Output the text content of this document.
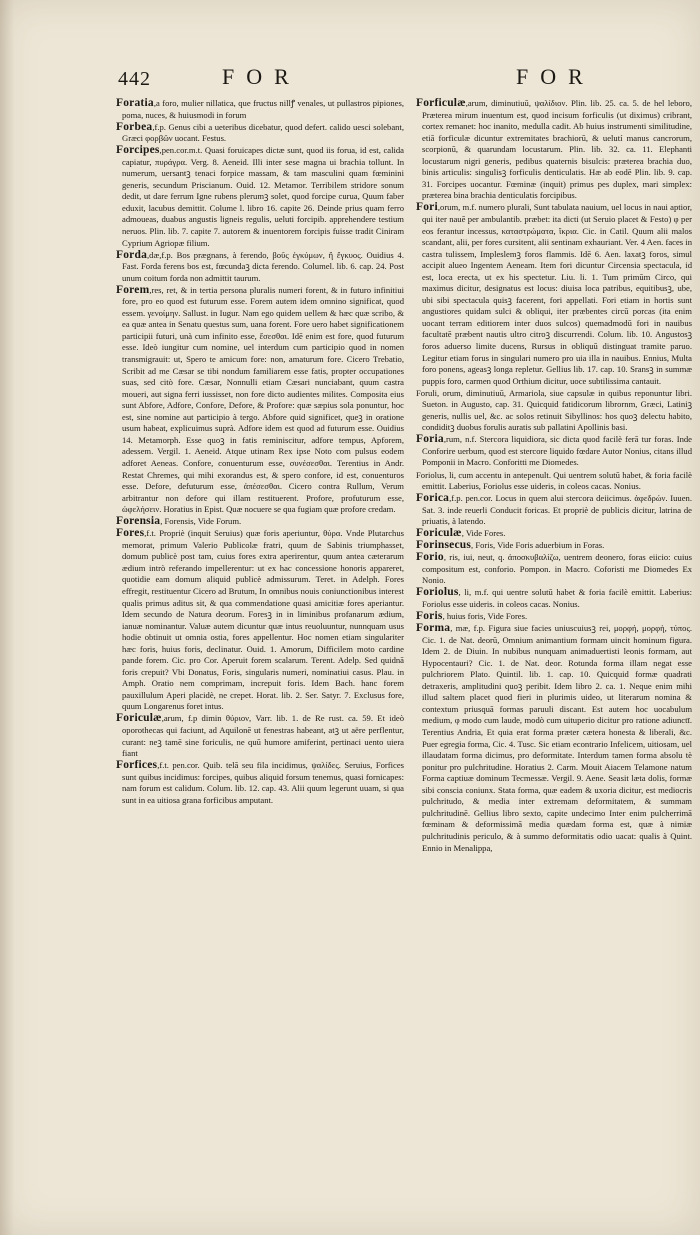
442	FOR	FOR

Foratia,a foro, mulier nillatica, que fructus nillꝭ venales, ut pullastros pipiones, poma, nuces, & huiusmodi in forum

Forbea,f.p. Genus cibi a ueteribus dicebatur, quod defert. calido uesci solebant, Græci φορβῶν uocant. Festus.

Forcipes,pen.cor.m.t. Quasi foruicapes dictæ sunt, quod iis forua, id est, calida capiatur, πυράγρα. Verg. 8. Aeneid. Illi inter sese magna ui brachia tollunt. In numerum, uersantꝫ tenaci forpice massam, & tam masculini quam fœminini generis, secundum Priscianum. Ouid. 12. Metamor. Terribilem stridore sonum dedit, ut dare ferrum Igne rubens plerumꝫ solet, quod forcipe curua, Quum faber eduxit, lacubus demittit. Colume l. libro 16. capite 26. Deinde prius quam ferro admoueas, duabus angustis ligneis regulis, ueluti forcipib. apprehendere testium neruos. Plin. lib. 7. capite 7. autorem & inuentorem forcipis fuisse tradit Ciniram Cyprium Agriopæ filium.

Forda,dæ,f.p. Bos prægnans, à ferendo, βοῦς ἐγκύμων, ἢ ἔγκυος. Ouidius 4. Fast. Forda ferens bos est, fœcundaꝫ dicta ferendo. Columel. lib. 6. cap. 24. Post unum coitum forda non admittit taurum.

Forem,res, ret, & in tertia persona pluralis numeri forent, & in futuro infinitiui fore, pro eo quod est futurum esse. Forem autem idem omnino significat, quod essem. γενοίμην. Sallust. in Iugur. Nam ego quidem uellem & hæc quæ scribo, & ea quæ antea in Senatu questus sum, uana forent. Fore uero habet significationem participii futuri, unà cum infinito esse, ἔσεσθαι. Idē enim est fore, quod futurum esse. Ideò iungitur cum nomine, uel interdum cum participio quod in nomen transmigrauit: ut, Spero te amicum fore: non, amaturum fore. Cicero Trebatio, Scribit ad me Cæsar se tibi nondum familiarem esse fatis, propter occupationes suas, sed citò fore. Cæsar, Nonnulli etiam Cæsari nunciabant, quum castra moueri, aut signa ferri iussisset, non fore dicto audientes milites. Composita eius sunt Abfore, Adfore, Confore, Defore, & Profore: quæ sæpius sola ponuntur, hoc est, sine nomine aut participio à tergo. Abfore quid significet, queꝫ in oratione usum habeat, explicuimus suprà. Adfore idem est quod ad futurum esse. Ouidius 14. Metamorph. Esse quoꝫ in fatis reminiscitur, adfore tempus, Apforem, adessem. Vergil. 1. Aeneid. Atque utinam Rex ipse Noto com pulsus eodem adforet Aeneas. Confore, conuenturum esse, συνέσεσθαι. Terentius in Andr. Restat Chremes, qui mihi exorandus est, & spero confore, id est, conuenturos esse. Defore, defuturum esse, ἀπέσεσθαι. Cicero contra Rullum, Verum arbitrantur non defore qui illam restituerent. Profore, profuturum esse, ὠφελήσειν. Horatius in Epist. Quæ nocuere se qua fugiam quæ profore credam.

Forensia, Forensis, Vide Forum.

Fores,f.t. Propriè (inquit Seruius) quæ foris aperiuntur, θύρα. Vnde Plutarchus memorat, primum Valerio Publicolæ fratri, quum de Sabinis triumphasset, domum publicè post tam, cuius fores extra aperirentur, quum antea cæterarum ædium intrò referando impellerentur: ut ex hac concessione honoris appareret, quotidie eam domum aliquid publicè admissurum. Teret. in Adelph. Fores effregit, restituentur Cicero ad Brutum, In omnibus nouis coniunctionibus interest qualis primus aditus sit, & qua commendatione quasi amicitiæ fores aperiantur. Idem secundo de Natura deorum. Foresꝫ in in liminibus profanarum ædium, ianuæ nominantur. Valuæ autem dicuntur quæ intus reuoluuntur, nunnquam usus hodie obtinuit ut omnia ostia, fores appellentur. Hoc nomen etiam singulariter hæc foris, huius foris, declinatur. Ouid. 1. Amorum, Difficilem moto cardine pande forem. Cic. pro Cor. Aperuit forem scalarum. Terent. Adelp. Sed quidnā foris crepuit? Vbi Donatus, Foris, singularis numeri, nominatiui casus. Plau. in Amph. Oratio nem comprimam, increpuit foris. Idem Bach. hanc forem pauxillulum Aperi placidè, ne crepet. Horat. lib. 2. Ser. Satyr. 7. Exclusus fore, quum Longarenus foret intus.

Foriculæ,arum, f.p dimin θύριον, Varr. lib. 1. de Re rust. ca. 59. Et ideò oporothecas qui faciunt, ad Aquilonē ut fenestras habeant, atꝫ ut aëre perflentur, curant: neꝫ tamē sine foriculis, ne quū humore amiferint, pertinaci uento uiera fiant

Forfices,f.t. pen.cor. Quib. telā seu fila incidimus, ψαλίδες. Seruius, Forfices sunt quibus incidimus: forcipes, quibus aliquid forsum tenemus, quasi fornicapes: nam forum est calidum. Colum. lib. 12. cap. 43. Alii quum legerunt uuam, si qua sunt in ea uitiosa grana forficibus amputant.

Forficulæ,arum, diminutiuū, ψαλίδιον. Plin. lib. 25. ca. 5. de hel leboro, Præterea mirum inuentum est, quod incisum forficulis (ut diximus) cribrant, cortex remanet: hoc inanito, medulla cadit. Ab huius instrumenti similitudine, etiā forficulæ dicuntur extremitates brachiorū, & uelutí manus cancrorum, scorpionū, & quarundam locustarum. Plin. lib. 32. ca. 11. Elephanti locustarum nigri generis, pedibus quaternis bisulcis: præterea brachia duo, binis articulis: singulisꝫ forficulis denticulatis. Hæ ab eodē Plin. lib. 9. cap. 31. Forcipes uocantur. Fœminæ (inquit) primus pes duplex, mari simplex: præterea bina brachia denticulatis forcipibus.

Fori,orum, m.f. numero plurali, Sunt tabulata nauium, uel locus in naui aptior, qui iter nauē per ambulantib. præbet: ita dicti (ut Seruio placet & Festo) φ per eos ferantur incessus, καταστρώματα, ἴκρια. Cic. in Catil. Quum alii malos scandant, alii, per fores cursitent, alii sentinam exhauriant. Ver. 4 Aen. faces in castra tulissem, Impleslemꝫ foros flammis. Idē 6. Aen. laxatꝫ foros, simul accipit alueo Ingentem Aeneam. Item fori dicuntur Circensia spectacula, id est, loca erecta, ut ex his spectetur. Liu. li. 1. Tum primūm Circo, qui maximus dicitur, designatus est locus: diuisa loca patribus, equitibusꝫ, ube, ubi sibi spectacula quisꝫ facerent, fori appellati. Fori etiam in hortis sunt angustiores quidam sulci & obliqui, iter præbentes circū porcas (ita enim uocant terram editiorem inter duos sulcos) quemadmodū fori in nauibus facultatē præbent nautis ultro citroꝫ discurrendi. Colum. lib. 10. Angustosꝫ foros aduerso limite ducens, Rursus in obliquū distinguat tramite paruo. Legitur etiam forus in singulari numero pro uia illa in nauibus. Ennius, Multa foro ponens, ageasꝫ longa repletur. Gellius lib. 17. cap. 10. Sransꝫ in summæ puppis foro, carmen quod Orthium dicitur, uoce subtilissima cantauit.

Foruli, orum, diminutiuū, Armariola, siue capsulæ in quibus reponuntur libri. Sueton. in Augusto, cap. 31. Quicquid fatidicorum librornm, Græci, Latiniꝫ generis, nullis uel, &c. ac solos retinuit Sibyllinos: hos quoꝫ delectu habito, condiditꝫ duobus forulis auratis sub pallatini Apollinis basi.

Foria,rum, n.f. Stercora liquidiora, sic dicta quod facilè ferā tur foras. Inde Conforire uerbum, quod est stercore liquido fœdare Autor Nonius, citans illud Pomponii in Macro. Conforitti me Diomedes.

Foriolus, li, cum accentu in antepenult. Qui uentrem solutū habet, & foria facilè emittit. Laberius, Foriolus esse uideris, in coleos cacas. Nonius.

Forica,f.p. pen.cor. Locus in quem alui stercora deiicimus. ἀφεδρών. Iuuen. Sat. 3. inde reuerli Conducit foricas. Et propriè de publicis dicitur, latrina de priuatis, à latendo.

Foriculæ, Vide Fores.

Forinsecus, Foris, Vide Foris aduerbium in Foras.

Forio, ris, iui, neut, q. ἀποσκυβαλίζω, uentrem deonero, foras eiicio: cuius compositum est, conforio. Pompon. in Macro. Coforisti me Diomedes Ex Nonio.

Foriolus, li, m.f. qui uentre solutū habet & foria facilè emittit. Laberius: Foriolus esse uideris. in coleos cacas. Nonius.

Foris, huius foris, Vide Fores.

Forma, mæ, f.p. Figura siue facies uniuscuiusꝫ rei, μορφή, μορφὴ, τύπος. Cic. 1. de Nat. deorū, Omnium animantium formam uincit hominum figura. Idem 2. de Diuin. In nubibus nunquam animaduertisti leonis formam, aut Hypocentauri? Cic. 1. de Nat. deor. Rotunda forma illam negat esse pulchriorem Plato. Quintil. lib. 1. cap. 10. Quicquid formæ quadrati detraxeris, amplitudini quoꝫ peribit. Idem libro 2. ca. 1. Neque enim mihi illud saltem placet quod fieri in plurimis uideo, ut literarum nomina & contextum priusquā formas paruuli discant. Est autem hoc uocabulum medium, φ modo cum laude, modò cum uituperio dicitur pro ratione adiunctī. Terentius Andria, Et quia erat forma præter cætera honesta & liberali, &c. Puer egregia forma, Cic. 4. Tusc. Sic etiam econtrario Infelicem, uitiosam, uel illaudatam forma dicimus, pro deformitate. Interdum tamen forma absolu tè ponitur pro pulchritudine. Horatius 2. Carm. Mouit Aiacem Telamone natum Forma captiuæ dominum Tecmessæ. Vergil. 9. Aene. Seasit læta dolis, formæ sibi conscia coniunx. Stata forma, quæ eadem & uxoria dicitur, est mediocris pulchritudo, & media inter extremam deformitatem, & summam pulchritudinē. Gellius libro sexto, capite undecimo Inter enim pulcherrimā fœminam & deformissimā media quædam forma est, quæ à nimiæ pulchritudinis periculo, & à summo deformitatis odio uacat: qualis à Quint. Ennio in Menalippa,
